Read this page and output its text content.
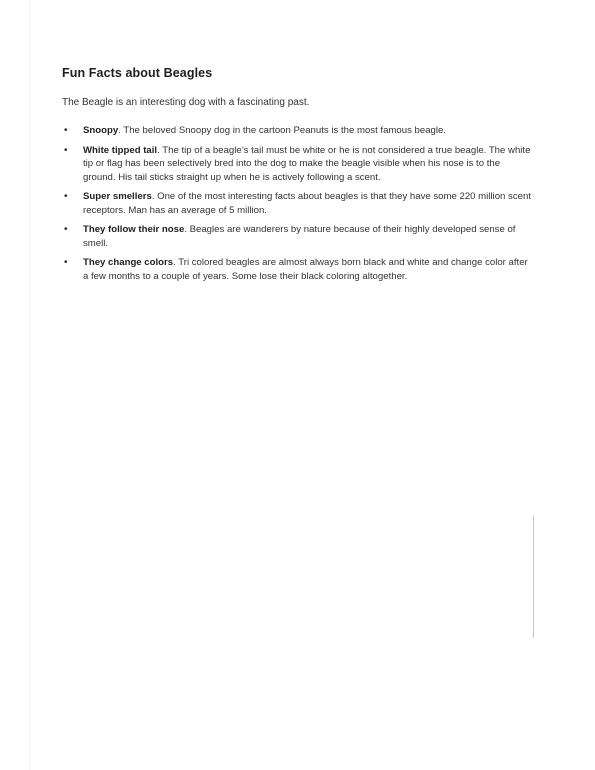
Fun Facts about Beagles

The Beagle is an interesting dog with a fascinating past.

• Snoopy. The beloved Snoopy dog in the cartoon Peanuts is the most famous beagle.
• White tipped tail. The tip of a beagle’s tail must be white or he is not considered a true beagle. The white tip or flag has been selectively bred into the dog to make the beagle visible when his nose is to the ground. His tail sticks straight up when he is actively following a scent.
• Super smellers. One of the most interesting facts about beagles is that they have some 220 million scent receptors. Man has an average of 5 million.
• They follow their nose. Beagles are wanderers by nature because of their highly developed sense of smell.
• They change colors. Tri colored beagles are almost always born black and white and change color after a few months to a couple of years. Some lose their black coloring altogether.
